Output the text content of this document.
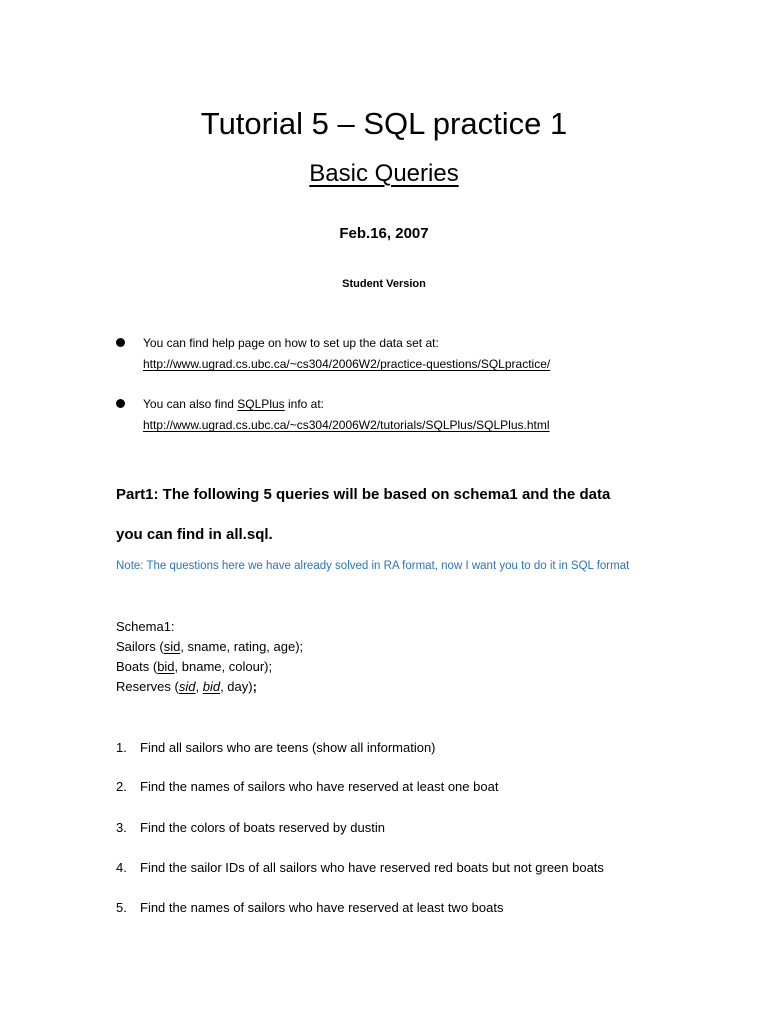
Tutorial 5 – SQL practice 1
Basic Queries
Feb.16, 2007
Student Version
You can find help page on how to set up the data set at:
http://www.ugrad.cs.ubc.ca/~cs304/2006W2/practice-questions/SQLpractice/
You can also find SQLPlus info at:
http://www.ugrad.cs.ubc.ca/~cs304/2006W2/tutorials/SQLPlus/SQLPlus.html
Part1: The following 5 queries will be based on schema1 and the data
you can find in all.sql.
Note: The questions here we have already solved in RA format, now I want you to do it in SQL format
Schema1:
Sailors (sid, sname, rating, age);
Boats (bid, bname, colour);
Reserves (sid, bid, day);
1. Find all sailors who are teens (show all information)
2. Find the names of sailors who have reserved at least one boat
3. Find the colors of boats reserved by dustin
4. Find the sailor IDs of all sailors who have reserved red boats but not green boats
5. Find the names of sailors who have reserved at least two boats
